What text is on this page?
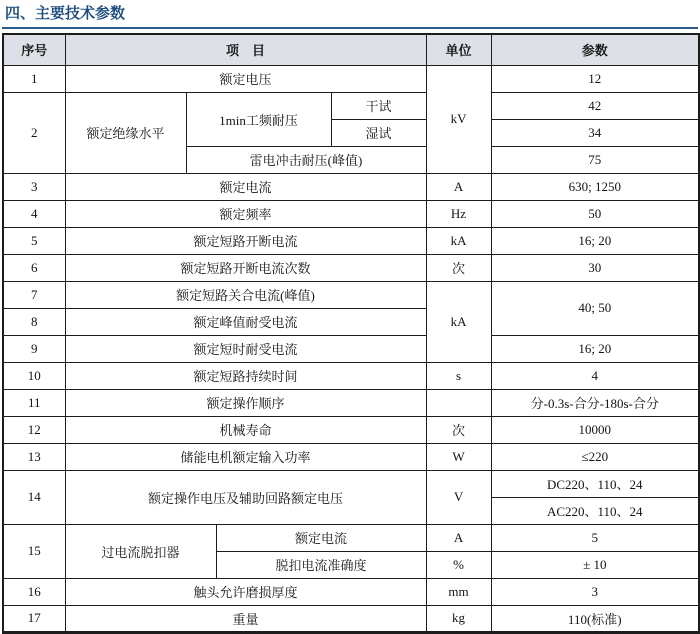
四、主要技术参数
序号	项　目				单位	参数
1	额定电压				kV	12
2	额定绝缘水平	1min工频耐压		干试		42
				湿试		34
		雷电冲击耐压(峰值)				75
3	额定电流				A	630; 1250
4	额定频率				Hz	50
5	额定短路开断电流				kA	16; 20
6	额定短路开断电流次数				次	30
7	额定短路关合电流(峰值)				kA	40; 50
8	额定峰值耐受电流					
9	额定短时耐受电流					16; 20
10	额定短路持续时间				s	4
11	额定操作顺序					分-0.3s-合分-180s-合分
12	机械寿命				次	10000
13	储能电机额定输入功率				W	≤220
14	额定操作电压及辅助回路额定电压				V	DC220、110、24
						AC220、110、24
15	过电流脱扣器		额定电流		A	5
			脱扣电流准确度		%	± 10
16	触头允许磨损厚度				mm	3
17	重量				kg	110(标准)
